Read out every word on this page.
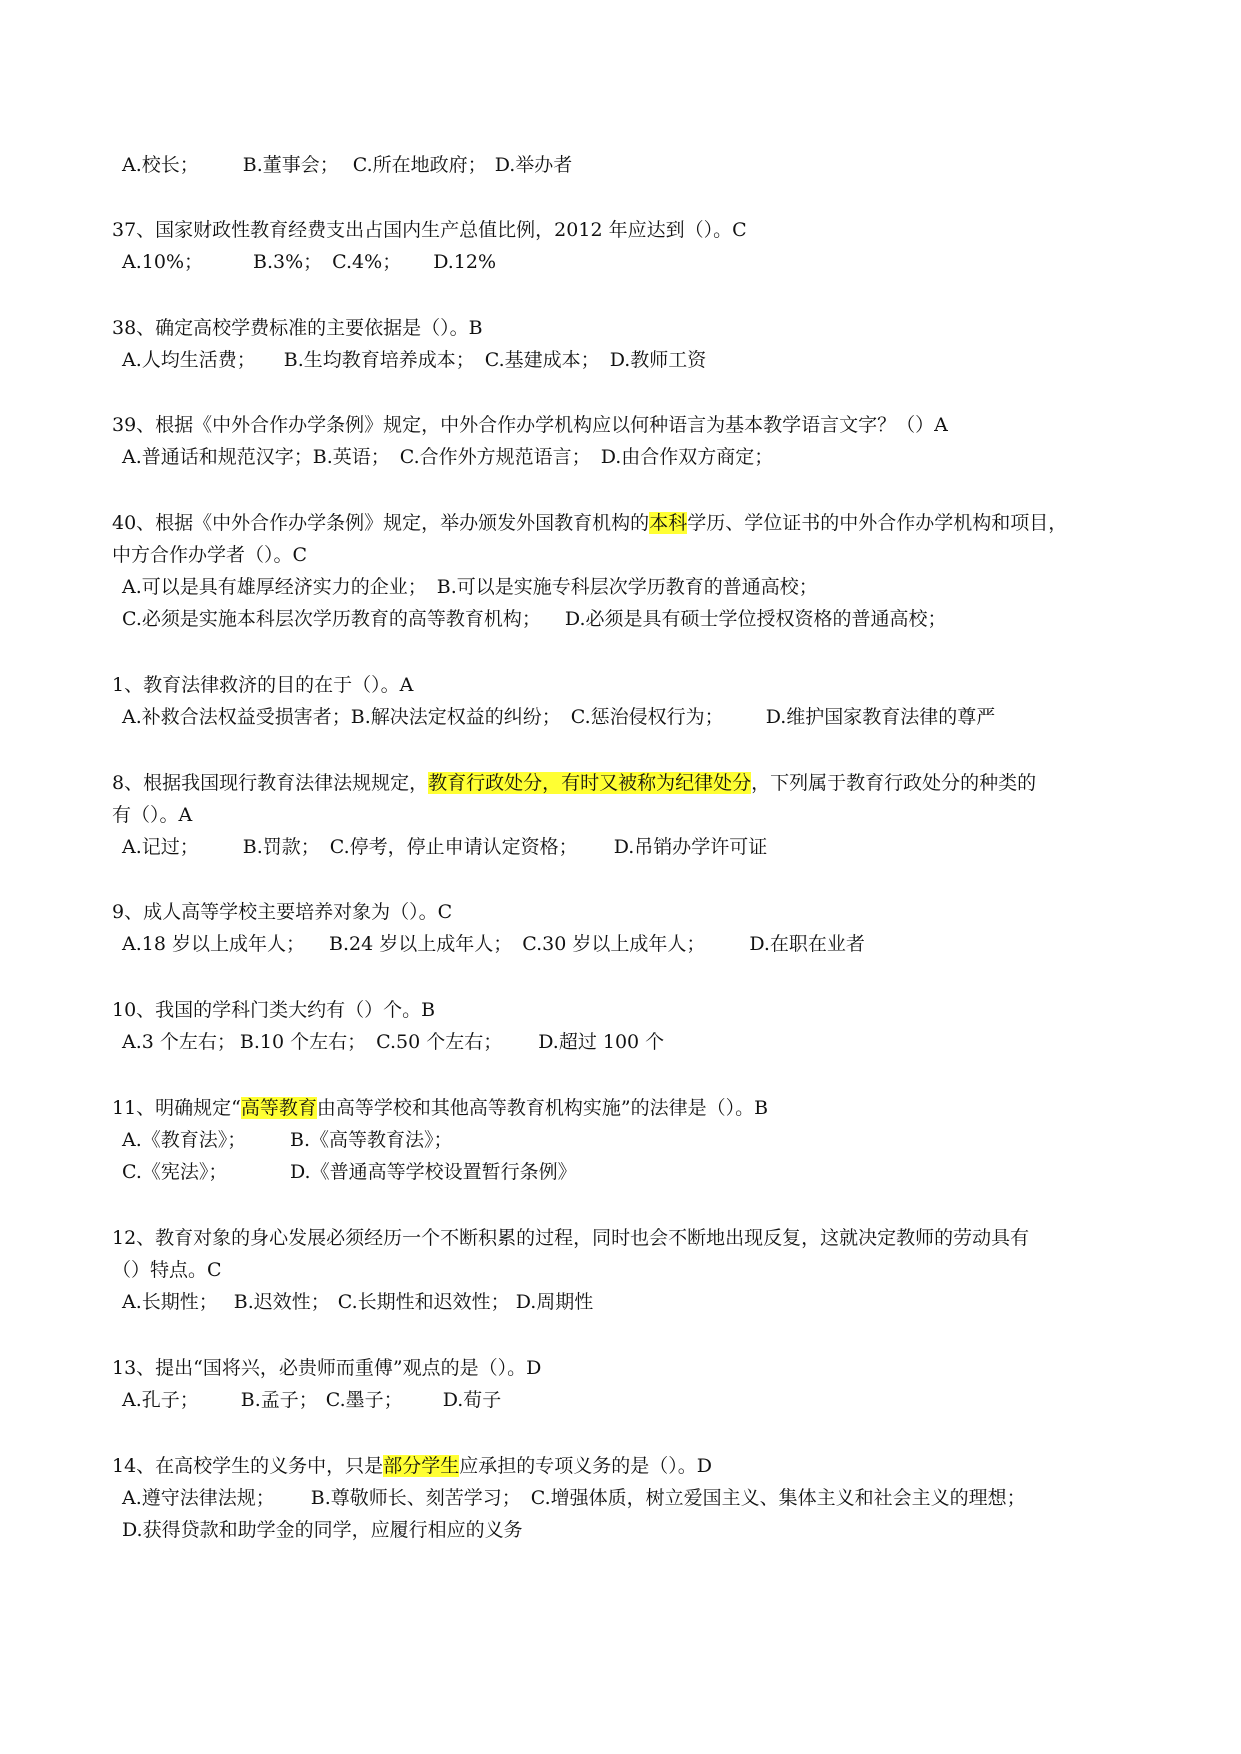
A.校长； B.董事会； C.所在地政府； D.举办者
37、国家财政性教育经费支出占国内生产总值比例，2012 年应达到（）。C
A.10%；	B.3%； C.4%； D.12%
38、确定高校学费标准的主要依据是（）。B
A.人均生活费； B.生均教育培养成本； C.基建成本； D.教师工资
39、根据《中外合作办学条例》规定，中外合作办学机构应以何种语言为基本教学语言文字？（）A
A.普通话和规范汉字；B.英语； C.合作外方规范语言； D.由合作双方商定；
40、根据《中外合作办学条例》规定，举办颁发外国教育机构的本科学历、学位证书的中外合作办学机构和项目，
中方合作办学者（）。C
A.可以是具有雄厚经济实力的企业； B.可以是实施专科层次学历教育的普通高校；
C.必须是实施本科层次学历教育的高等教育机构； D.必须是具有硕士学位授权资格的普通高校；
1、教育法律救济的目的在于（）。A
A.补救合法权益受损害者；B.解决法定权益的纠纷； C.惩治侵权行为； D.维护国家教育法律的尊严
8、根据我国现行教育法律法规规定，教育行政处分，有时又被称为纪律处分，下列属于教育行政处分的种类的
有（）。A
A.记过； B.罚款； C.停考，停止申请认定资格； D.吊销办学许可证
9、成人高等学校主要培养对象为（）。C
A.18 岁以上成年人； B.24 岁以上成年人； C.30 岁以上成年人； D.在职在业者
10、我国的学科门类大约有（）个。B
A.3 个左右； B.10 个左右； C.50 个左右； D.超过 100 个
11、明确规定“高等教育由高等学校和其他高等教育机构实施”的法律是（）。B
A.《教育法》； B.《高等教育法》；
C.《宪法》；	D.《普通高等学校设置暂行条例》
12、教育对象的身心发展必须经历一个不断积累的过程，同时也会不断地出现反复，这就决定教师的劳动具有
（）特点。C
A.长期性； B.迟效性； C.长期性和迟效性； D.周期性
13、提出“国将兴，必贵师而重傅”观点的是（）。D
A.孔子； B.孟子； C.墨子； D.荀子
14、在高校学生的义务中，只是部分学生应承担的专项义务的是（）。D
A.遵守法律法规； B.尊敬师长、刻苦学习； C.增强体质，树立爱国主义、集体主义和社会主义的理想；
D.获得贷款和助学金的同学，应履行相应的义务
